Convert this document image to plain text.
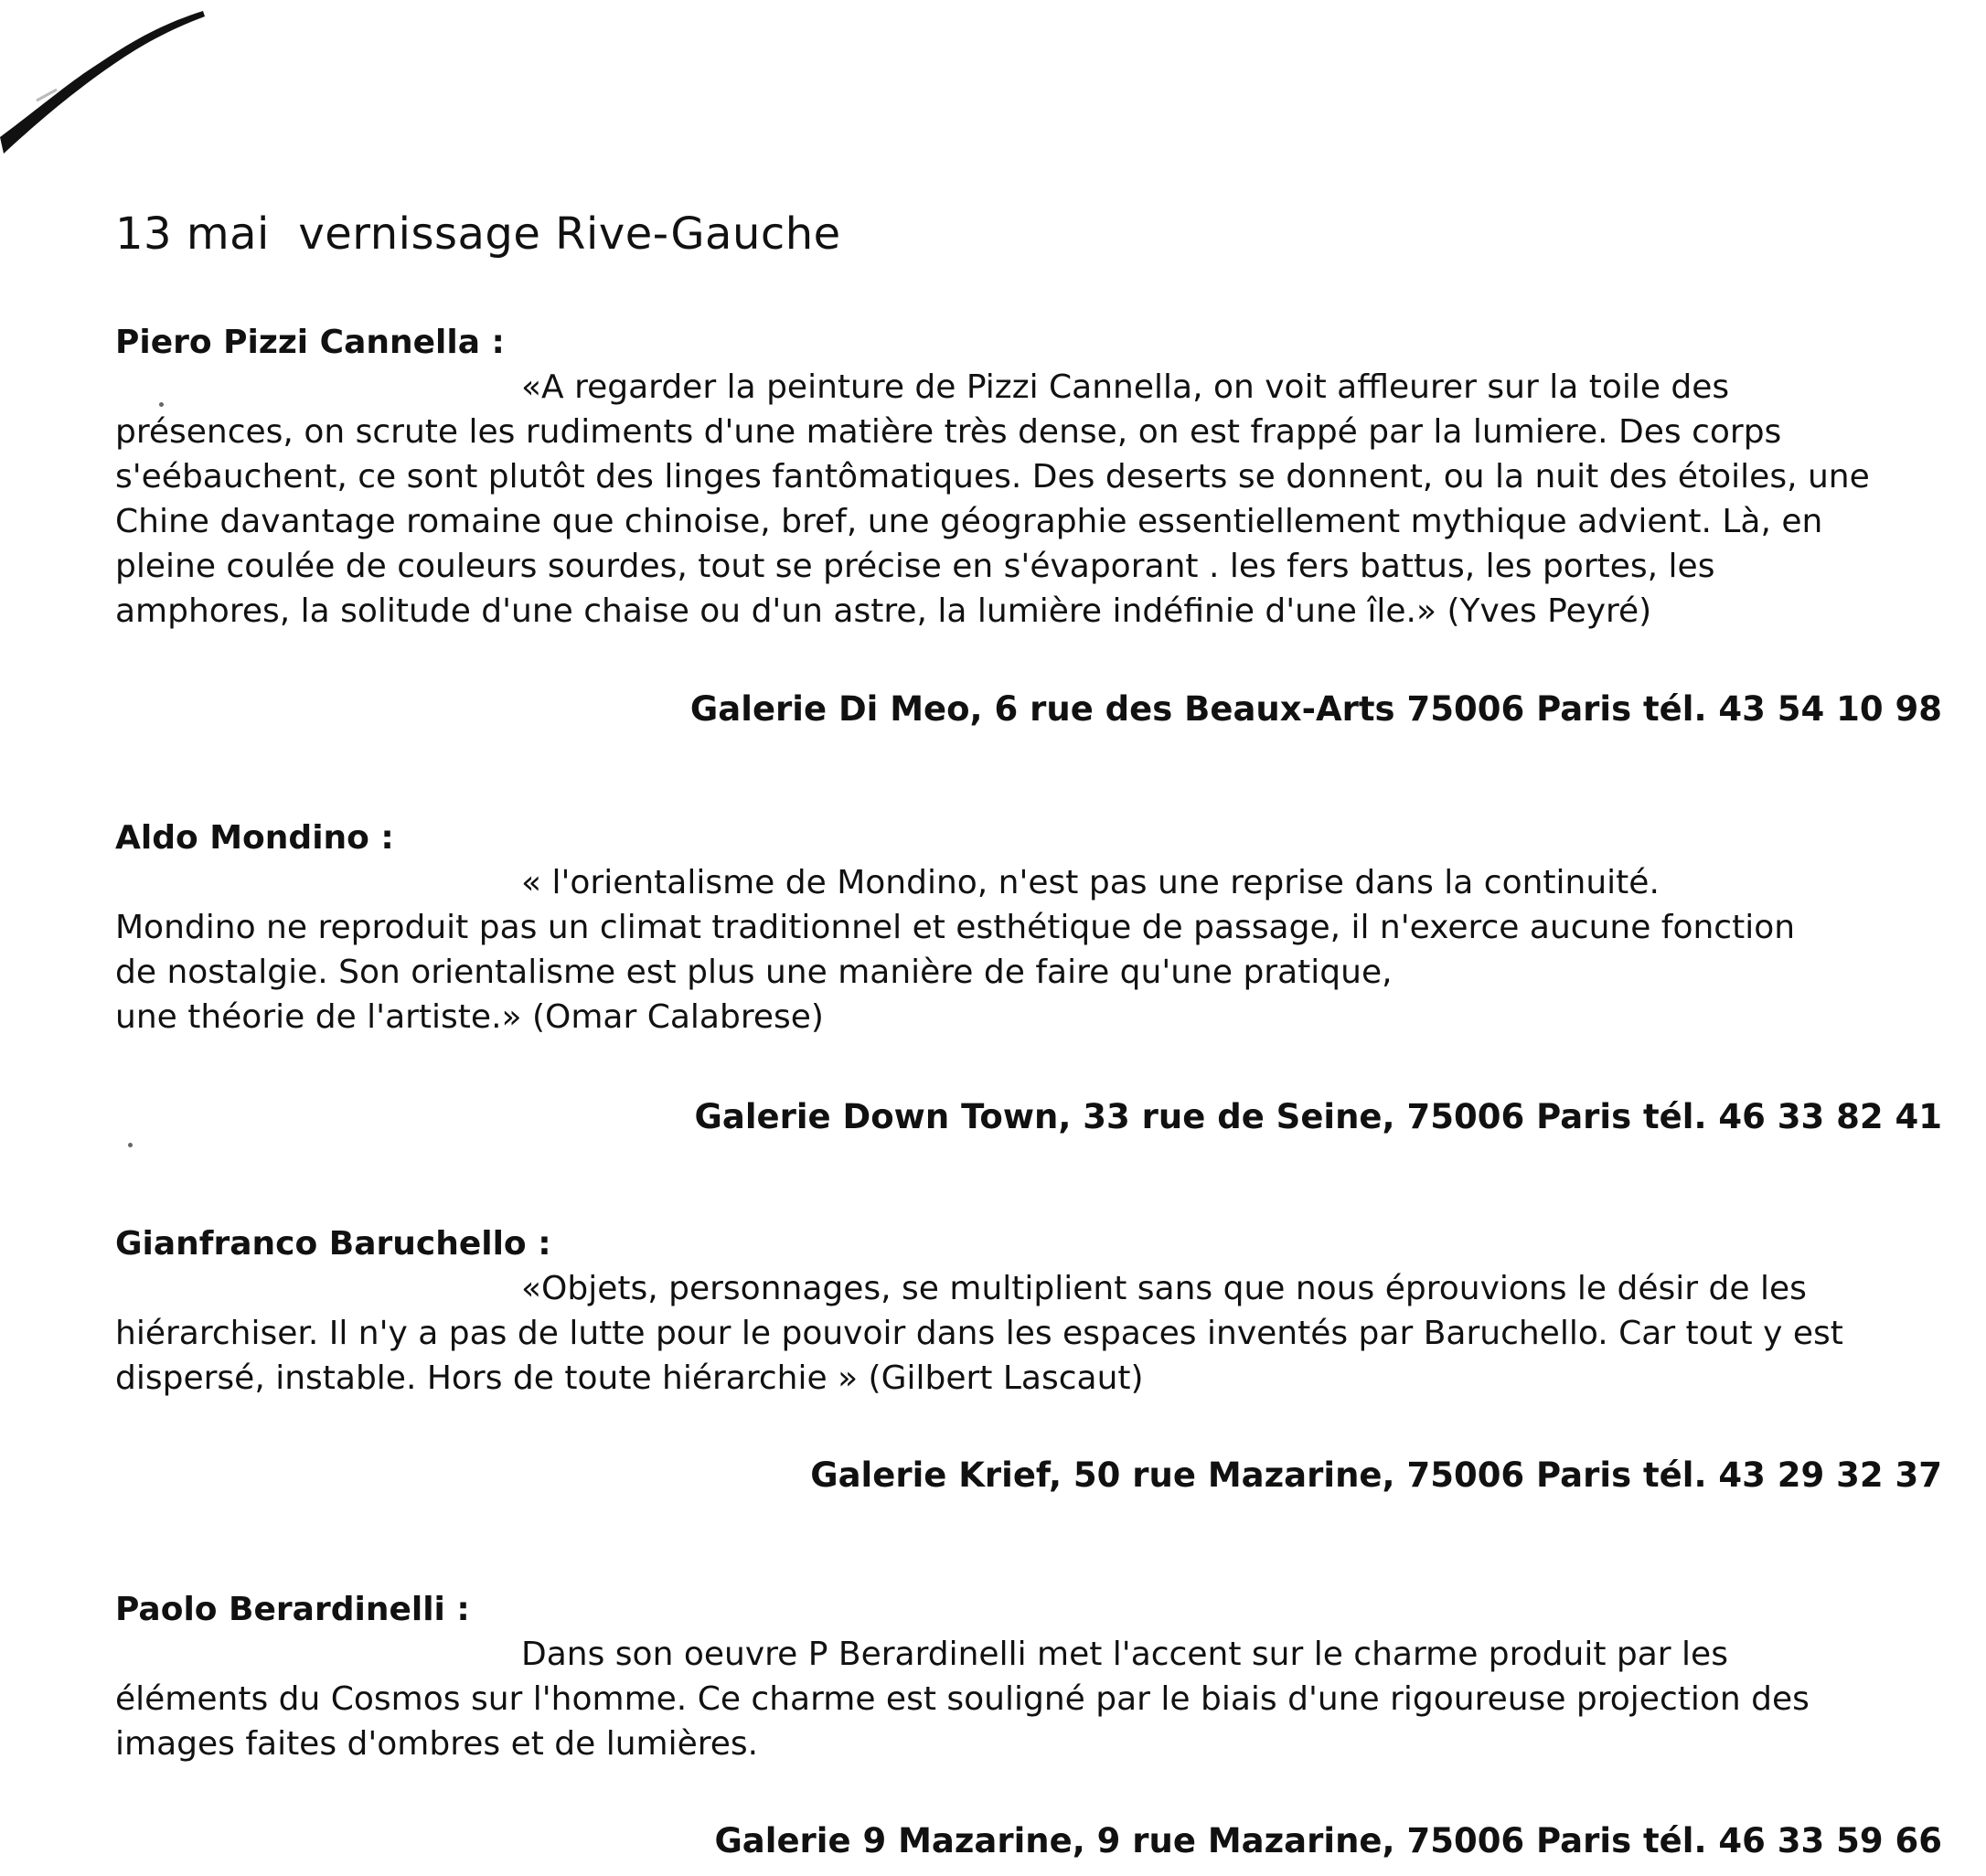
13 mai  vernissage Rive-Gauche
Piero Pizzi Cannella :
«A regarder la peinture de Pizzi Cannella, on voit affleurer sur la toile des
présences, on scrute les rudiments d'une matière très dense, on est frappé par la lumiere. Des corps
s'eébauchent, ce sont plutôt des linges fantômatiques. Des deserts se donnent, ou la nuit des étoiles, une
Chine davantage romaine que chinoise, bref, une géographie essentiellement mythique advient. Là, en
pleine coulée de couleurs sourdes, tout se précise en s'évaporant . les fers battus, les portes, les
amphores, la solitude d'une chaise ou d'un astre, la lumière indéfinie d'une île.» (Yves Peyré)
Galerie Di Meo, 6 rue des Beaux-Arts 75006 Paris tél. 43 54 10 98
Aldo Mondino :
« l'orientalisme de Mondino, n'est pas une reprise dans la continuité.
Mondino ne reproduit pas un climat traditionnel et esthétique de passage, il n'exerce aucune fonction
de nostalgie. Son orientalisme est plus une manière de faire qu'une pratique,
une théorie de l'artiste.» (Omar Calabrese)
Galerie Down Town, 33 rue de Seine, 75006 Paris tél. 46 33 82 41
Gianfranco Baruchello :
«Objets, personnages, se multiplient sans que nous éprouvions le désir de les
hiérarchiser. Il n'y a pas de lutte pour le pouvoir dans les espaces inventés par Baruchello. Car tout y est
dispersé, instable. Hors de toute hiérarchie » (Gilbert Lascaut)
Galerie Krief, 50 rue Mazarine, 75006 Paris tél. 43 29 32 37
Paolo Berardinelli :
Dans son oeuvre P Berardinelli met l'accent sur le charme produit par les
éléments du Cosmos sur l'homme. Ce charme est souligné par le biais d'une rigoureuse projection des
images faites d'ombres et de lumières.
Galerie 9 Mazarine, 9 rue Mazarine, 75006 Paris tél. 46 33 59 66
